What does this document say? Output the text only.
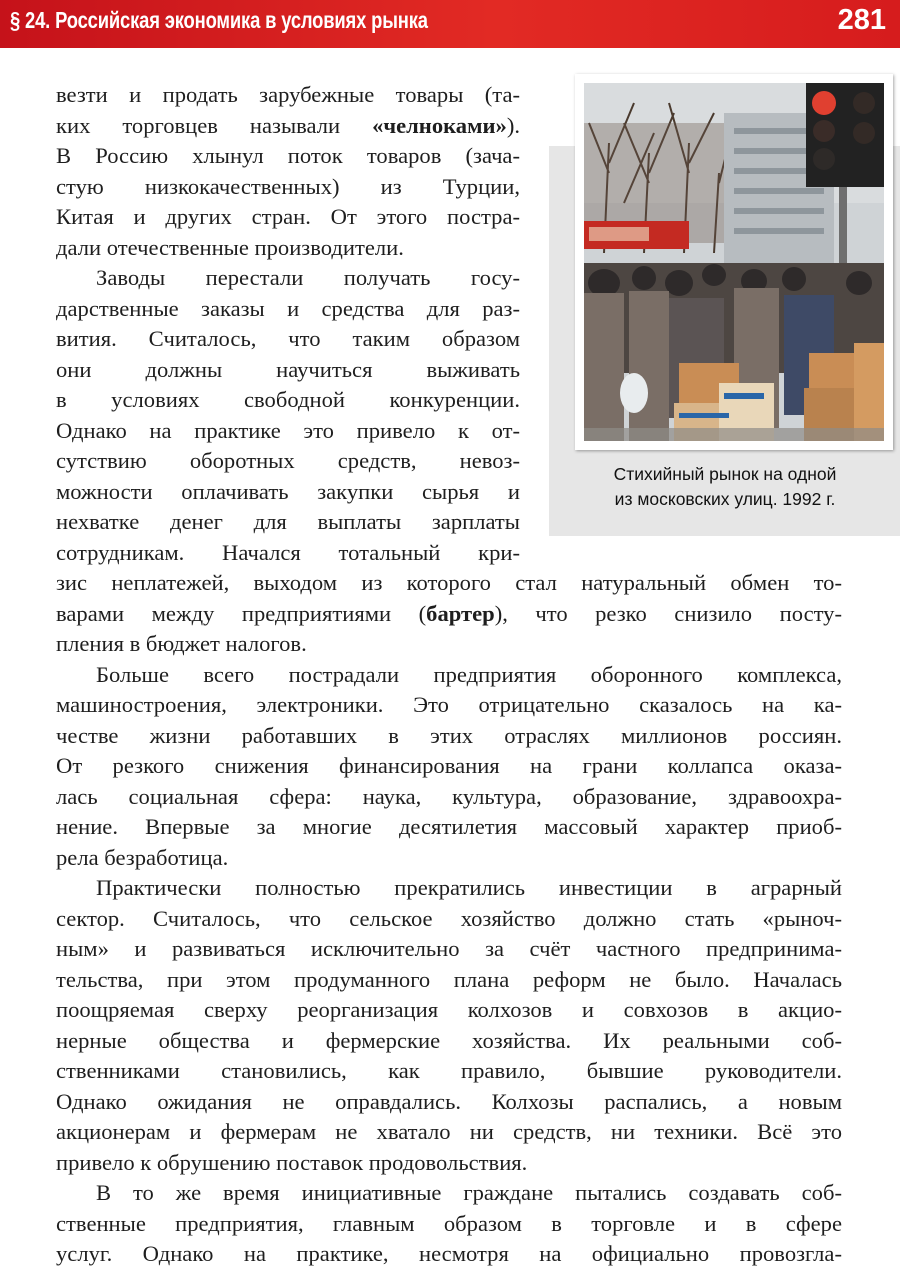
§ 24. Российская экономика в условиях рынка	281

везти и продать зарубежные товары (та-
ких торговцев называли «челноками»).
В Россию хлынул поток товаров (зача-
стую низкокачественных) из Турции,
Китая и других стран. От этого постра-
дали отечественные производители.

Заводы перестали получать госу-
дарственные заказы и средства для раз-
вития. Считалось, что таким образом
они должны научиться выживать
в условиях свободной конкуренции.
Однако на практике это привело к от-
сутствию оборотных средств, невоз-
можности оплачивать закупки сырья и
нехватке денег для выплаты зарплаты
сотрудникам. Начался тотальный кри-

Стихийный рынок на одной
из московских улиц. 1992 г.

зис неплатежей, выходом из которого стал натуральный обмен то-
варами между предприятиями (бартер), что резко снизило посту-
пления в бюджет налогов.

Больше всего пострадали предприятия оборонного комплекса,
машиностроения, электроники. Это отрицательно сказалось на ка-
честве жизни работавших в этих отраслях миллионов россиян.
От резкого снижения финансирования на грани коллапса оказа-
лась социальная сфера: наука, культура, образование, здравоохра-
нение. Впервые за многие десятилетия массовый характер приоб-
рела безработица.

Практически полностью прекратились инвестиции в аграрный
сектор. Считалось, что сельское хозяйство должно стать «рыноч-
ным» и развиваться исключительно за счёт частного предпринима-
тельства, при этом продуманного плана реформ не было. Началась
поощряемая сверху реорганизация колхозов и совхозов в акцио-
нерные общества и фермерские хозяйства. Их реальными соб-
ственниками становились, как правило, бывшие руководители.
Однако ожидания не оправдались. Колхозы распались, а новым
акционерам и фермерам не хватало ни средств, ни техники. Всё это
привело к обрушению поставок продовольствия.

В то же время инициативные граждане пытались создавать соб-
ственные предприятия, главным образом в торговле и в сфере
услуг. Однако на практике, несмотря на официально провозгла-
